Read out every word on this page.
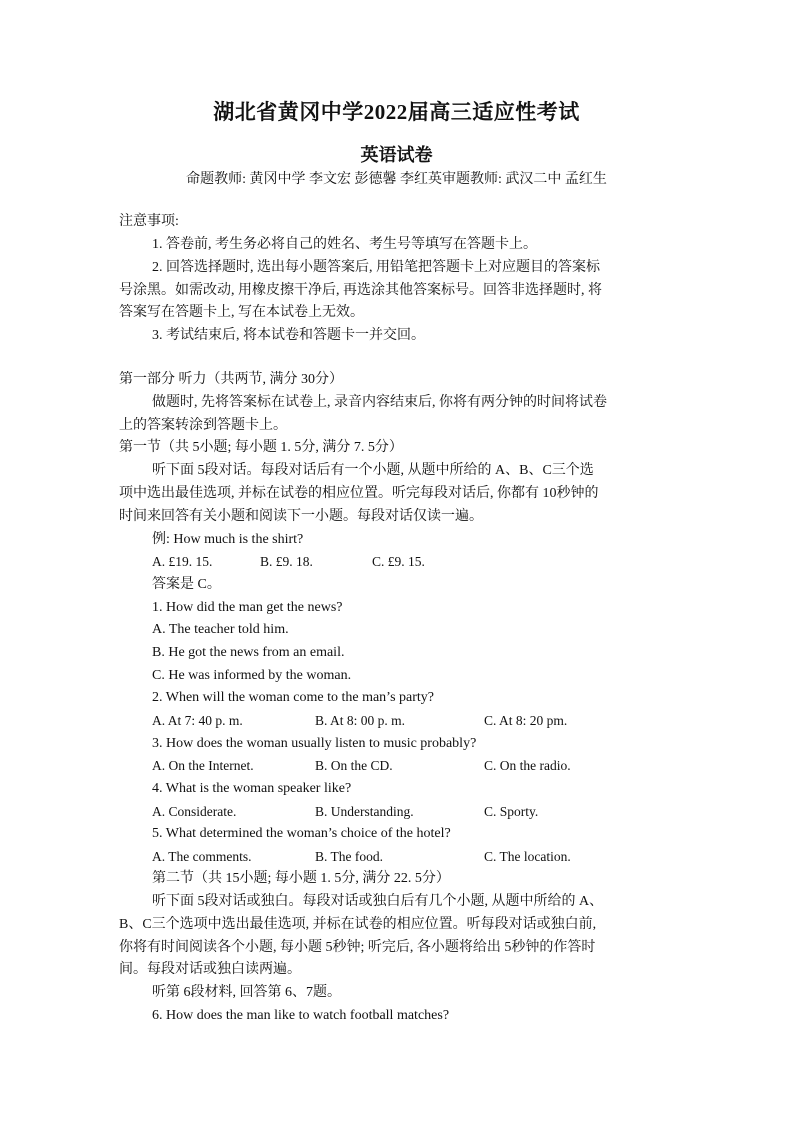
湖北省黄冈中学2022届高三适应性考试
英语试卷
命题教师: 黄冈中学 李文宏 彭德馨 李红英审题教师: 武汉二中 孟红生
注意事项:
1. 答卷前, 考生务必将自己的姓名、考生号等填写在答题卡上。
2. 回答选择题时, 选出每小题答案后, 用铅笔把答题卡上对应题目的答案标
号涂黑。如需改动, 用橡皮擦干净后, 再选涂其他答案标号。回答非选择题时, 将
答案写在答题卡上, 写在本试卷上无效。
3. 考试结束后, 将本试卷和答题卡一并交回。
第一部分 听力（共两节, 满分 30分）
做题时, 先将答案标在试卷上, 录音内容结束后, 你将有两分钟的时间将试卷
上的答案转涂到答题卡上。
第一节（共 5小题; 每小题 1. 5分, 满分 7. 5分）
听下面 5段对话。每段对话后有一个小题, 从题中所给的 A、B、C三个选
项中选出最佳选项, 并标在试卷的相应位置。听完每段对话后, 你都有 10秒钟的
时间来回答有关小题和阅读下一小题。每段对话仅读一遍。
例: How much is the shirt?
A. £19. 15.	B. £9. 18.	C. £9. 15.
答案是 C。
1. How did the man get the news?
A. The teacher told him.
B. He got the news from an email.
C. He was informed by the woman.
2. When will the woman come to the man’s party?
A. At 7: 40 p. m.	B. At 8: 00 p. m.	C. At 8: 20 pm.
3. How does the woman usually listen to music probably?
A. On the Internet.	B. On the CD.	C. On the radio.
4. What is the woman speaker like?
A. Considerate.	B. Understanding.	C. Sporty.
5. What determined the woman’s choice of the hotel?
A. The comments.	B. The food.	C. The location.
第二节（共 15小题; 每小题 1. 5分, 满分 22. 5分）
听下面 5段对话或独白。每段对话或独白后有几个小题, 从题中所给的 A、
B、C三个选项中选出最佳选项, 并标在试卷的相应位置。听每段对话或独白前,
你将有时间阅读各个小题, 每小题 5秒钟; 听完后, 各小题将给出 5秒钟的作答时
间。每段对话或独白读两遍。
听第 6段材料, 回答第 6、7题。
6. How does the man like to watch football matches?
